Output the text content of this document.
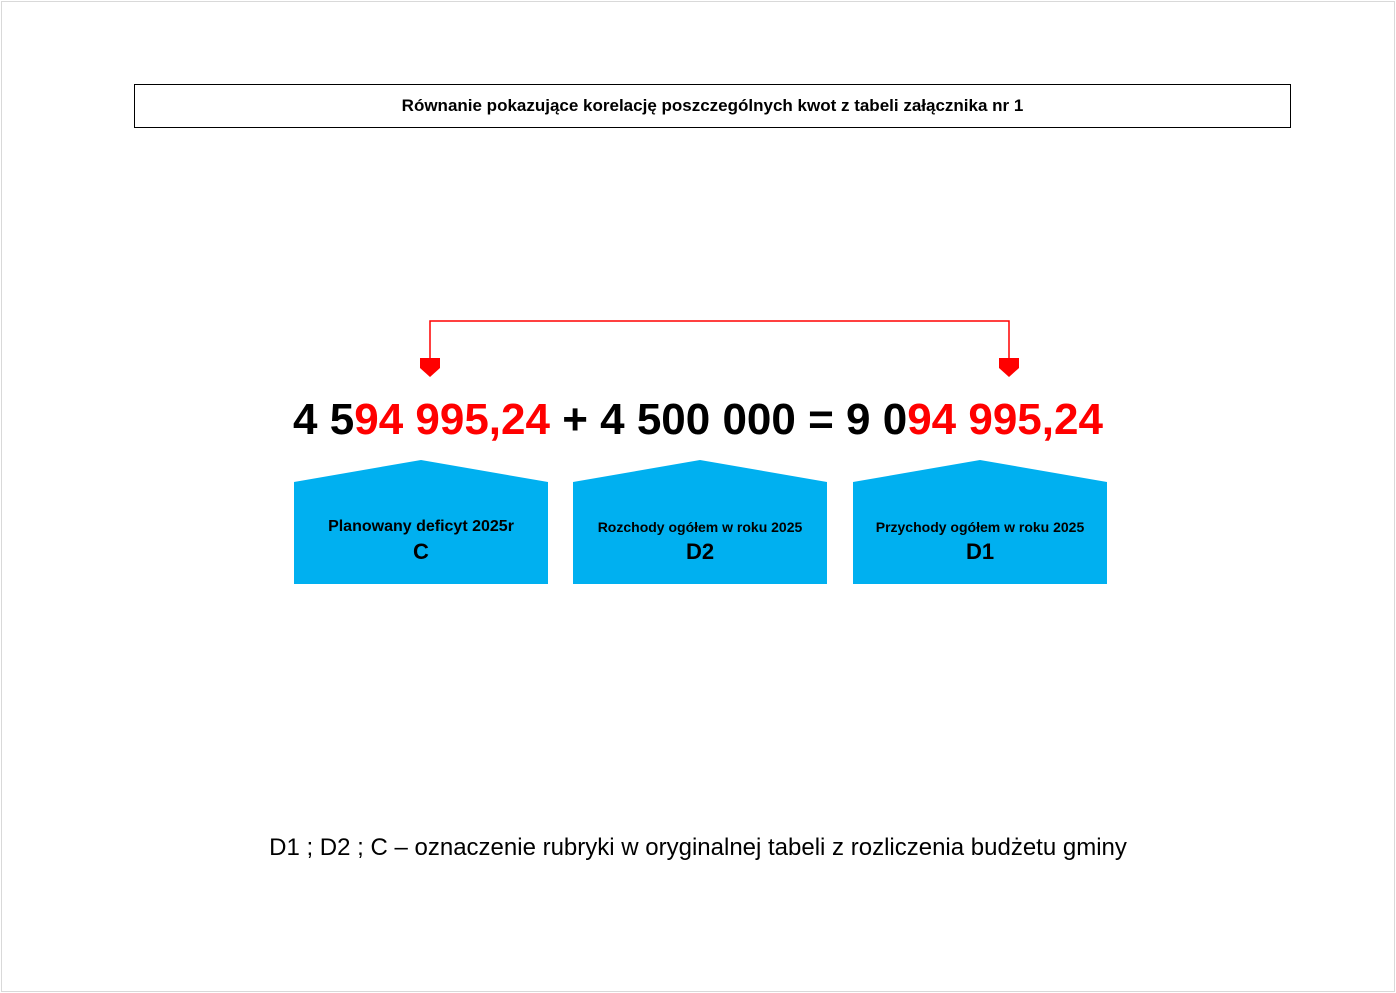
Równanie pokazujące korelację poszczególnych kwot z tabeli załącznika nr 1
4 594 995,24 + 4 500 000 = 9 094 995,24
Planowany deficyt 2025r
C
Rozchody ogółem w roku 2025
D2
Przychody ogółem w roku 2025
D1
D1 ; D2 ; C – oznaczenie rubryki w oryginalnej tabeli z rozliczenia budżetu gminy
